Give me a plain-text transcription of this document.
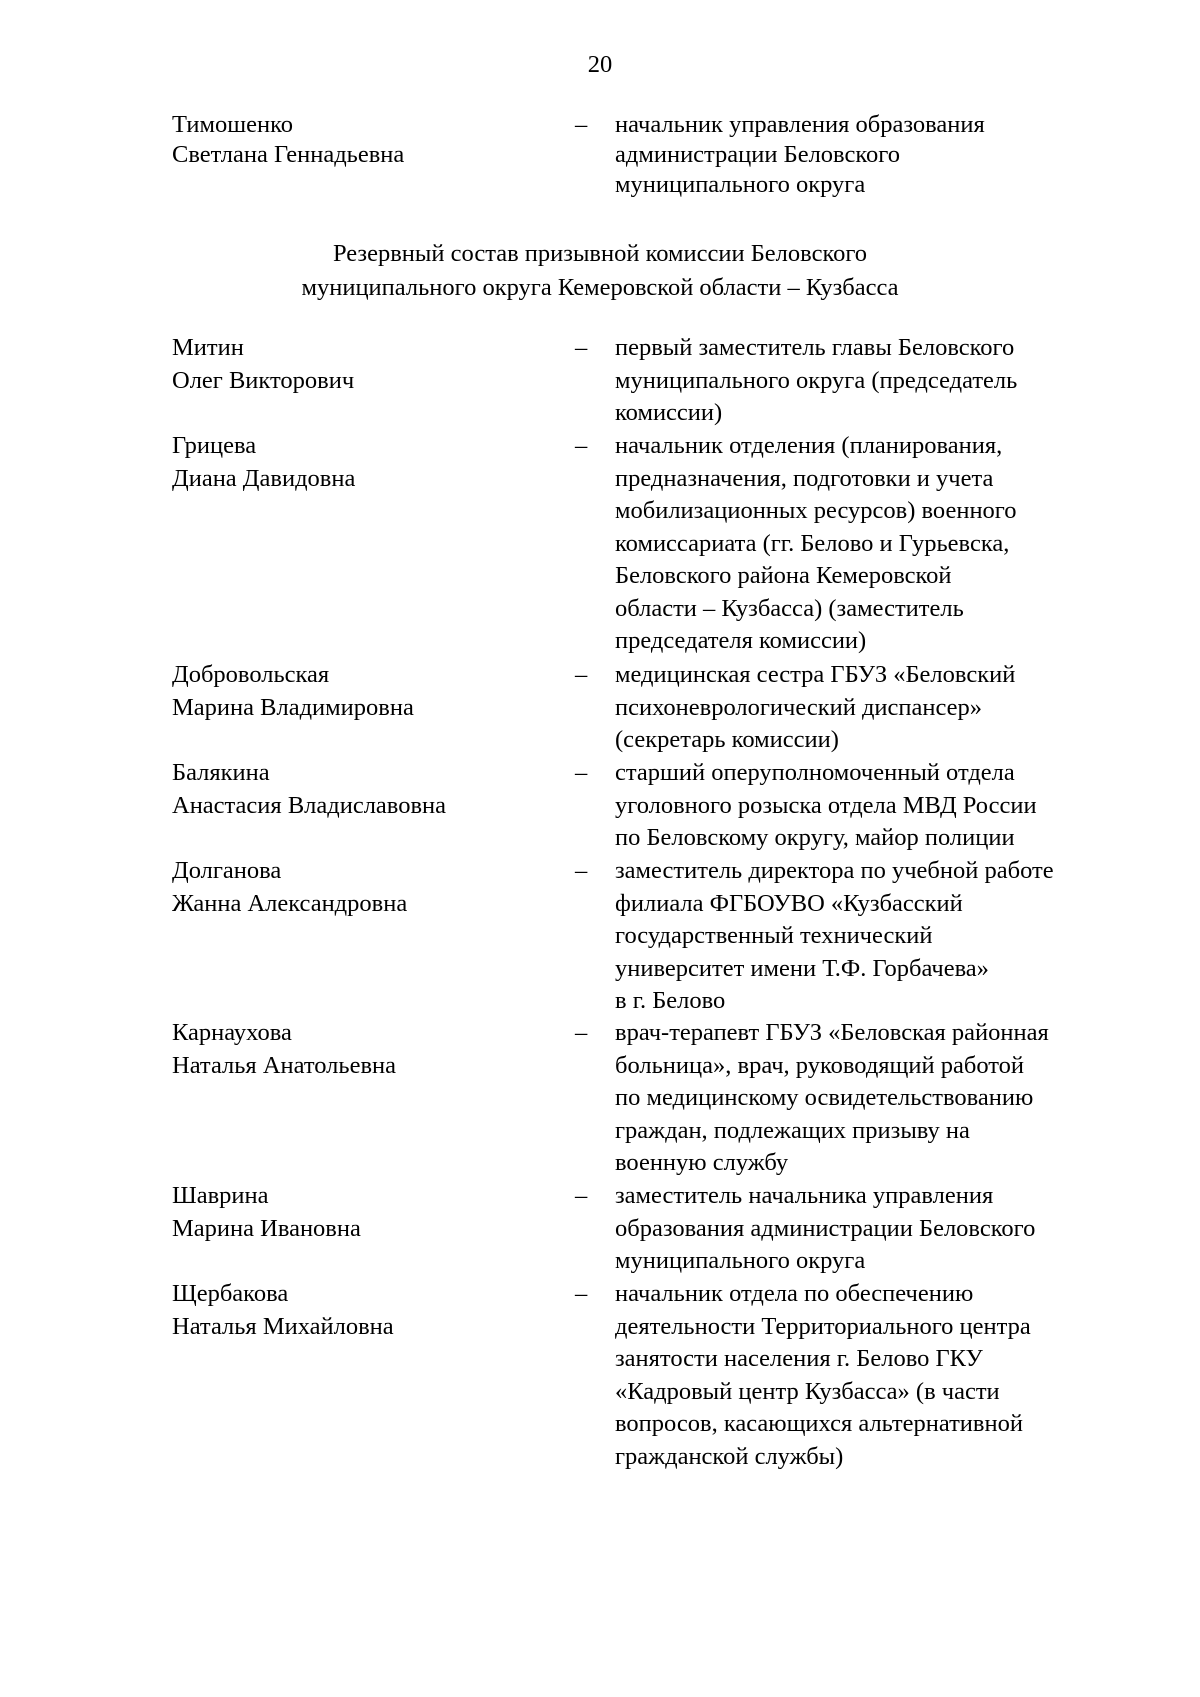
20
Тимошенко
Светлана Геннадьевна
– начальник управления образования
администрации Беловского
муниципального округа
Резервный состав призывной комиссии Беловского
муниципального округа Кемеровской области – Кузбасса
Митин
Олег Викторович
– первый заместитель главы Беловского
муниципального округа (председатель
комиссии)
Грицева
Диана Давидовна
– начальник отделения (планирования,
предназначения, подготовки и учета
мобилизационных ресурсов) военного
комиссариата (гг. Белово и Гурьевска,
Беловского района Кемеровской
области – Кузбасса) (заместитель
председателя комиссии)
Добровольская
Марина Владимировна
– медицинская сестра ГБУЗ «Беловский
психоневрологический диспансер»
(секретарь комиссии)
Балякина
Анастасия Владиславовна
– старший оперуполномоченный отдела
уголовного розыска отдела МВД России
по Беловскому округу, майор полиции
Долганова
Жанна Александровна
– заместитель директора по учебной работе
филиала ФГБОУВО «Кузбасский
государственный технический
университет имени Т.Ф. Горбачева»
в г. Белово
Карнаухова
Наталья Анатольевна
– врач-терапевт ГБУЗ «Беловская районная
больница», врач, руководящий работой
по медицинскому освидетельствованию
граждан, подлежащих призыву на
военную службу
Шаврина
Марина Ивановна
– заместитель начальника управления
образования администрации Беловского
муниципального округа
Щербакова
Наталья Михайловна
– начальник отдела по обеспечению
деятельности Территориального центра
занятости населения г. Белово ГКУ
«Кадровый центр Кузбасса» (в части
вопросов, касающихся альтернативной
гражданской службы)
